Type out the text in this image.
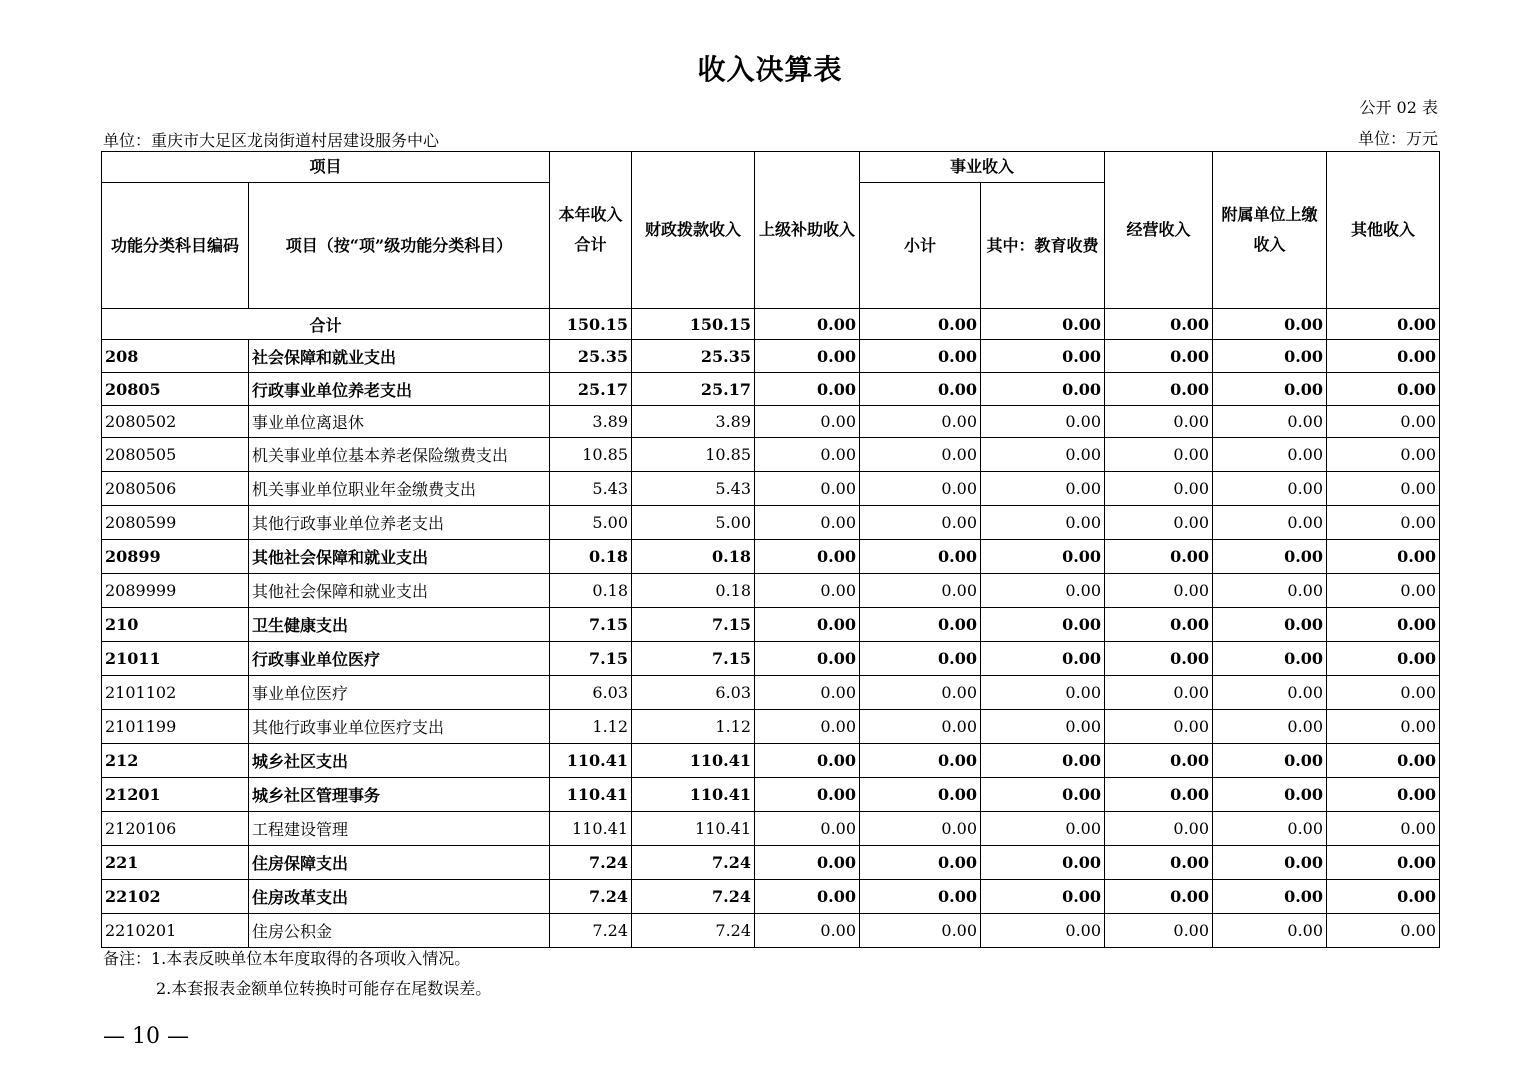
收入决算表
公开 02 表
单位：重庆市大足区龙岗街道村居建设服务中心	单位：万元
项目		本年收入合计	财政拨款收入	上级补助收入	事业收入		经营收入	附属单位上缴收入	其他收入
功能分类科目编码	项目（按“项”级功能分类科目）				小计	其中：教育收费			
合计		150.15	150.15	0.00	0.00	0.00	0.00	0.00	0.00
208	社会保障和就业支出	25.35	25.35	0.00	0.00	0.00	0.00	0.00	0.00
20805	行政事业单位养老支出	25.17	25.17	0.00	0.00	0.00	0.00	0.00	0.00
2080502	事业单位离退休	3.89	3.89	0.00	0.00	0.00	0.00	0.00	0.00
2080505	机关事业单位基本养老保险缴费支出	10.85	10.85	0.00	0.00	0.00	0.00	0.00	0.00
2080506	机关事业单位职业年金缴费支出	5.43	5.43	0.00	0.00	0.00	0.00	0.00	0.00
2080599	其他行政事业单位养老支出	5.00	5.00	0.00	0.00	0.00	0.00	0.00	0.00
20899	其他社会保障和就业支出	0.18	0.18	0.00	0.00	0.00	0.00	0.00	0.00
2089999	其他社会保障和就业支出	0.18	0.18	0.00	0.00	0.00	0.00	0.00	0.00
210	卫生健康支出	7.15	7.15	0.00	0.00	0.00	0.00	0.00	0.00
21011	行政事业单位医疗	7.15	7.15	0.00	0.00	0.00	0.00	0.00	0.00
2101102	事业单位医疗	6.03	6.03	0.00	0.00	0.00	0.00	0.00	0.00
2101199	其他行政事业单位医疗支出	1.12	1.12	0.00	0.00	0.00	0.00	0.00	0.00
212	城乡社区支出	110.41	110.41	0.00	0.00	0.00	0.00	0.00	0.00
21201	城乡社区管理事务	110.41	110.41	0.00	0.00	0.00	0.00	0.00	0.00
2120106	工程建设管理	110.41	110.41	0.00	0.00	0.00	0.00	0.00	0.00
221	住房保障支出	7.24	7.24	0.00	0.00	0.00	0.00	0.00	0.00
22102	住房改革支出	7.24	7.24	0.00	0.00	0.00	0.00	0.00	0.00
2210201	住房公积金	7.24	7.24	0.00	0.00	0.00	0.00	0.00	0.00
备注：1.本表反映单位本年度取得的各项收入情况。
2.本套报表金额单位转换时可能存在尾数误差。
— 10 —
